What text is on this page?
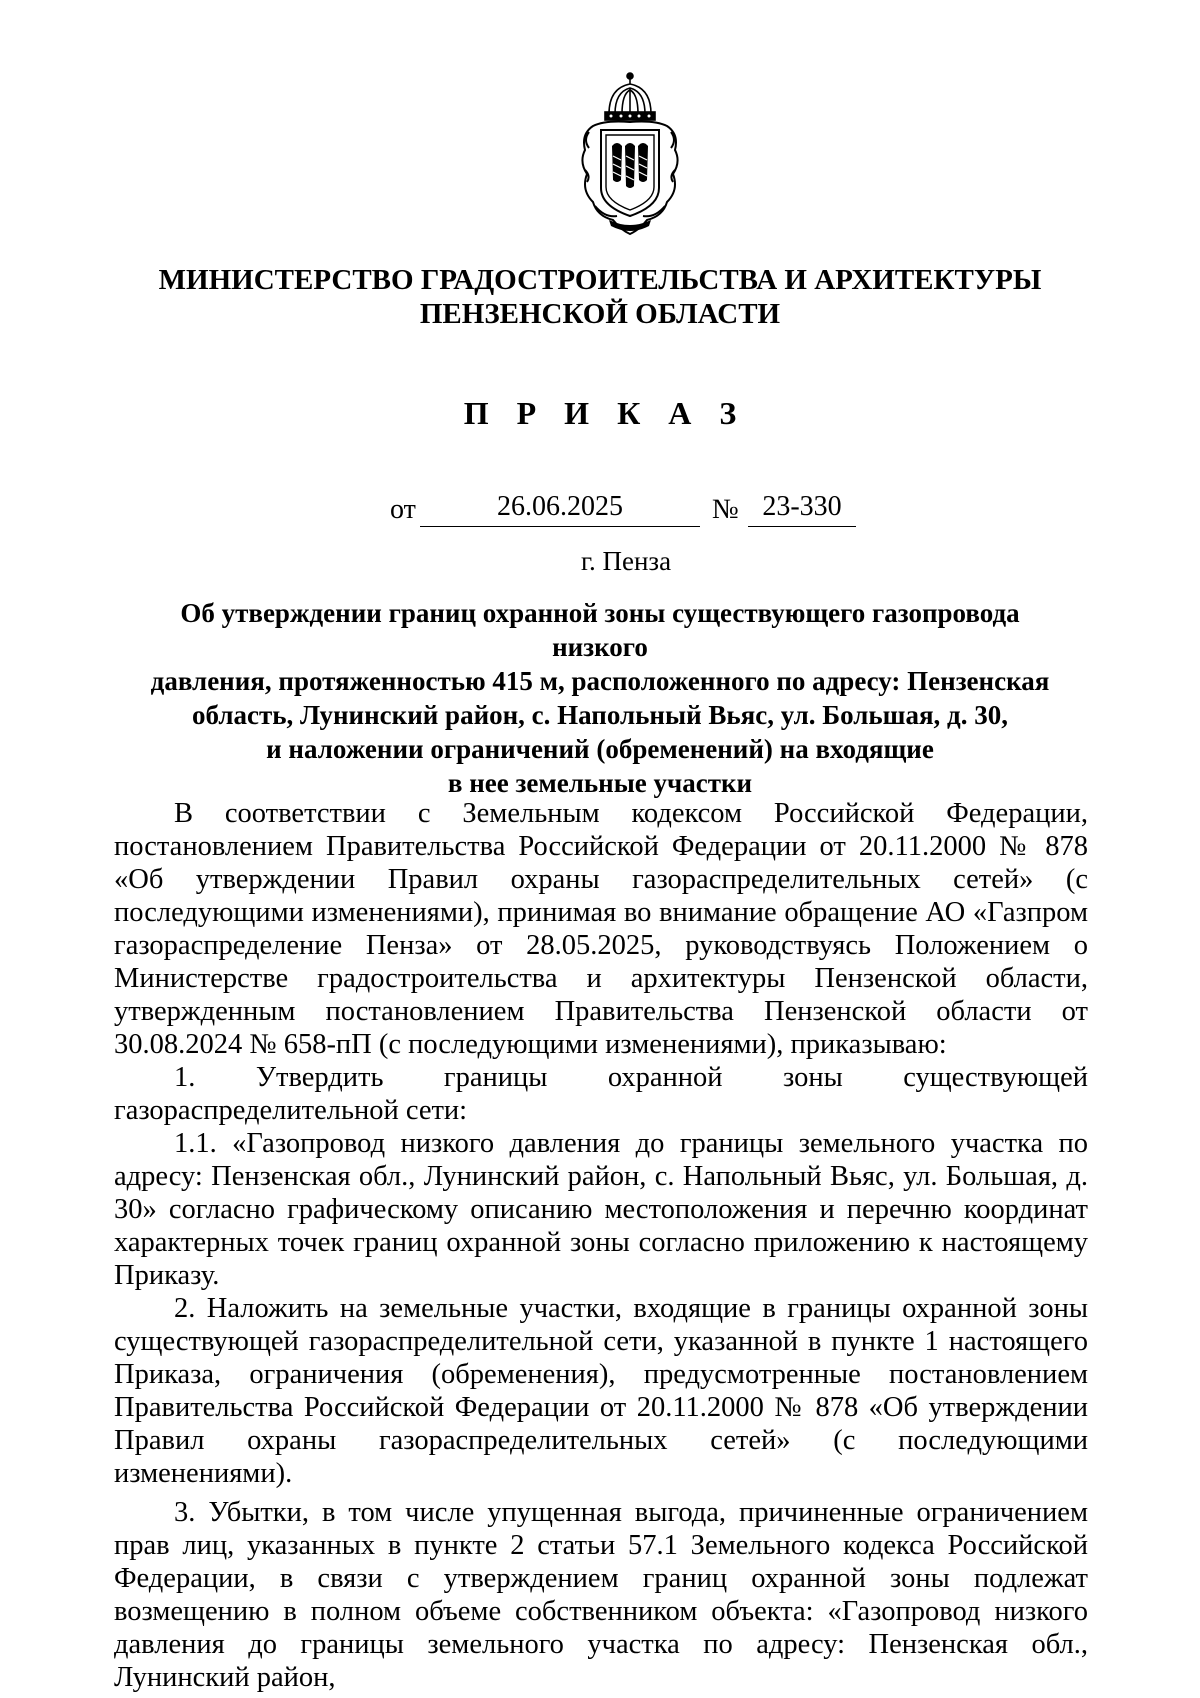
МИНИСТЕРСТВО ГРАДОСТРОИТЕЛЬСТВА И АРХИТЕКТУРЫ
ПЕНЗЕНСКОЙ ОБЛАСТИ
П Р И К А З
от	26.06.2025	№ 23-330
г. Пенза
Об утверждении границ охранной зоны существующего газопровода низкого
давления, протяженностью 415 м, расположенного по адресу: Пензенская
область, Лунинский район, с. Напольный Вьяс, ул. Большая, д. 30,
и наложении ограничений (обременений) на входящие
в нее земельные участки

В соответствии с Земельным кодексом Российской Федерации, постановлением Правительства Российской Федерации от 20.11.2000 № 878 «Об утверждении Правил охраны газораспределительных сетей» (с последующими изменениями), принимая во внимание обращение АО «Газпром газораспределение Пенза» от 28.05.2025, руководствуясь Положением о Министерстве градостроительства и архитектуры Пензенской области, утвержденным постановлением Правительства Пензенской области от 30.08.2024 № 658-пП (с последующими изменениями), приказываю:

1. Утвердить границы охранной зоны существующей газораспределительной сети:

1.1. «Газопровод низкого давления до границы земельного участка по адресу: Пензенская обл., Лунинский район, с. Напольный Вьяс, ул. Большая, д. 30» согласно графическому описанию местоположения и перечню координат характерных точек границ охранной зоны согласно приложению к настоящему Приказу.

2. Наложить на земельные участки, входящие в границы охранной зоны существующей газораспределительной сети, указанной в пункте 1 настоящего Приказа, ограничения (обременения), предусмотренные постановлением Правительства Российской Федерации от 20.11.2000 № 878 «Об утверждении Правил охраны газораспределительных сетей» (с последующими изменениями).

3. Убытки, в том числе упущенная выгода, причиненные ограничением прав лиц, указанных в пункте 2 статьи 57.1 Земельного кодекса Российской Федерации, в связи с утверждением границ охранной зоны подлежат возмещению в полном объеме собственником объекта: «Газопровод низкого давления до границы земельного участка по адресу: Пензенская обл., Лунинский район,
